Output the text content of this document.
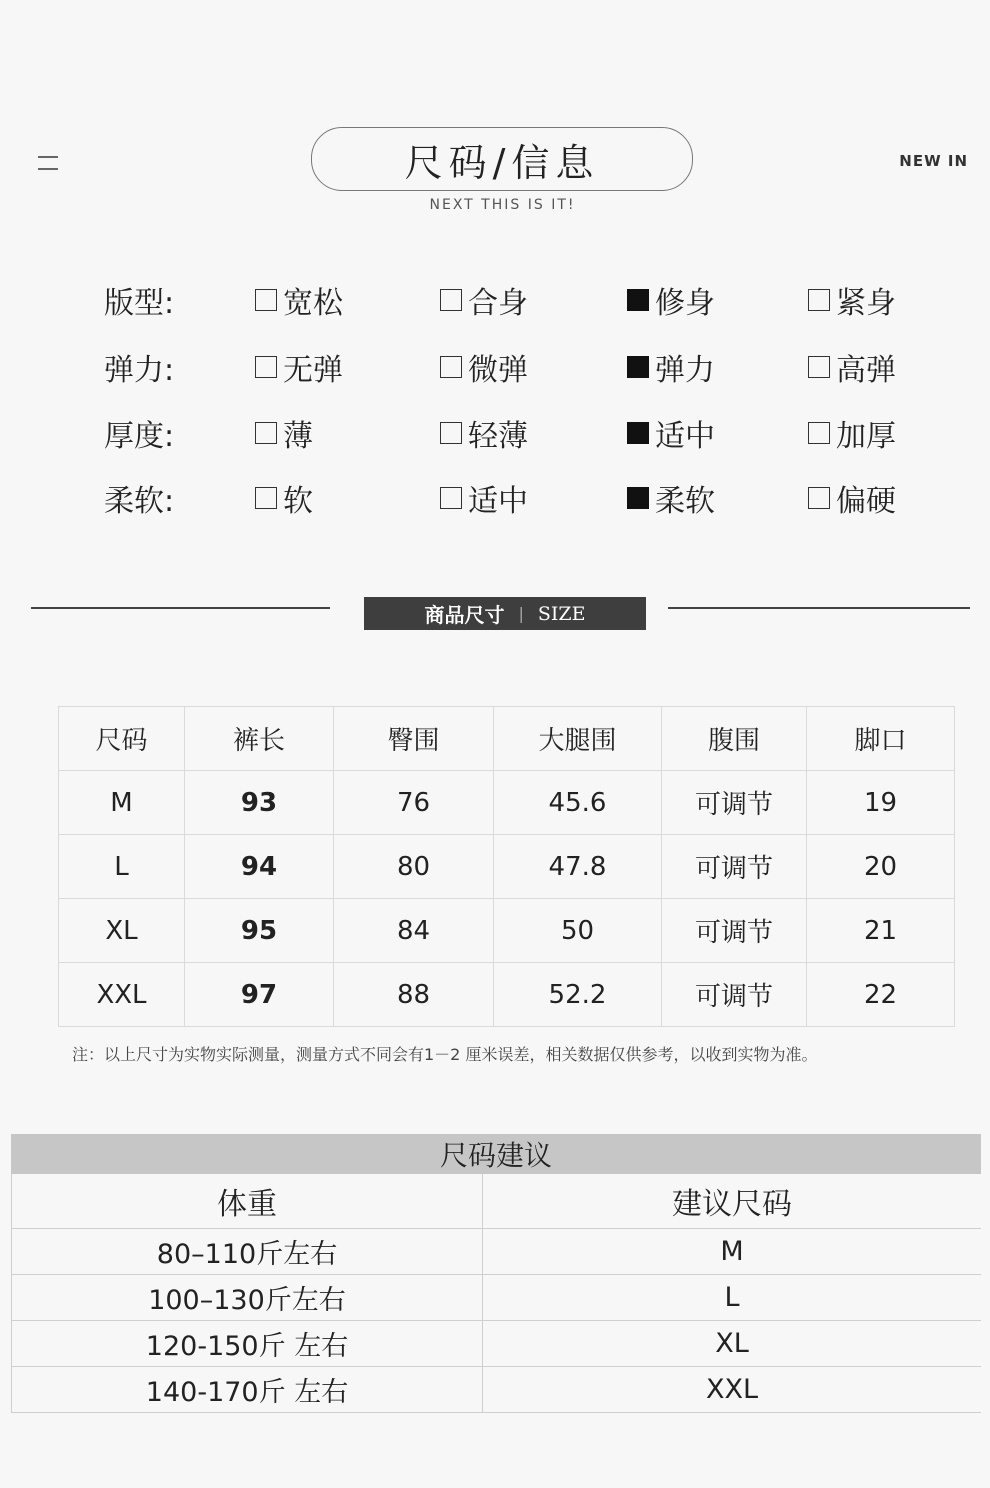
尺码/信息
NEXT THIS IS IT!
NEW IN
版型:	宽松	合身	修身	紧身
弹力:	无弹	微弹	弹力	高弹
厚度:	薄	轻薄	适中	加厚
柔软:	软	适中	柔软	偏硬
商品尺寸 | SIZE
尺码	裤长	臀围	大腿围	腹围	脚口
M	93	76	45.6	可调节	19
L	94	80	47.8	可调节	20
XL	95	84	50	可调节	21
XXL	97	88	52.2	可调节	22
注：以上尺寸为实物实际测量，测量方式不同会有1－2 厘米误差，相关数据仅供参考，以收到实物为准。
尺码建议
体重	建议尺码
80–110斤左右	M
100–130斤左右	L
120-150斤 左右	XL
140-170斤 左右	XXL
